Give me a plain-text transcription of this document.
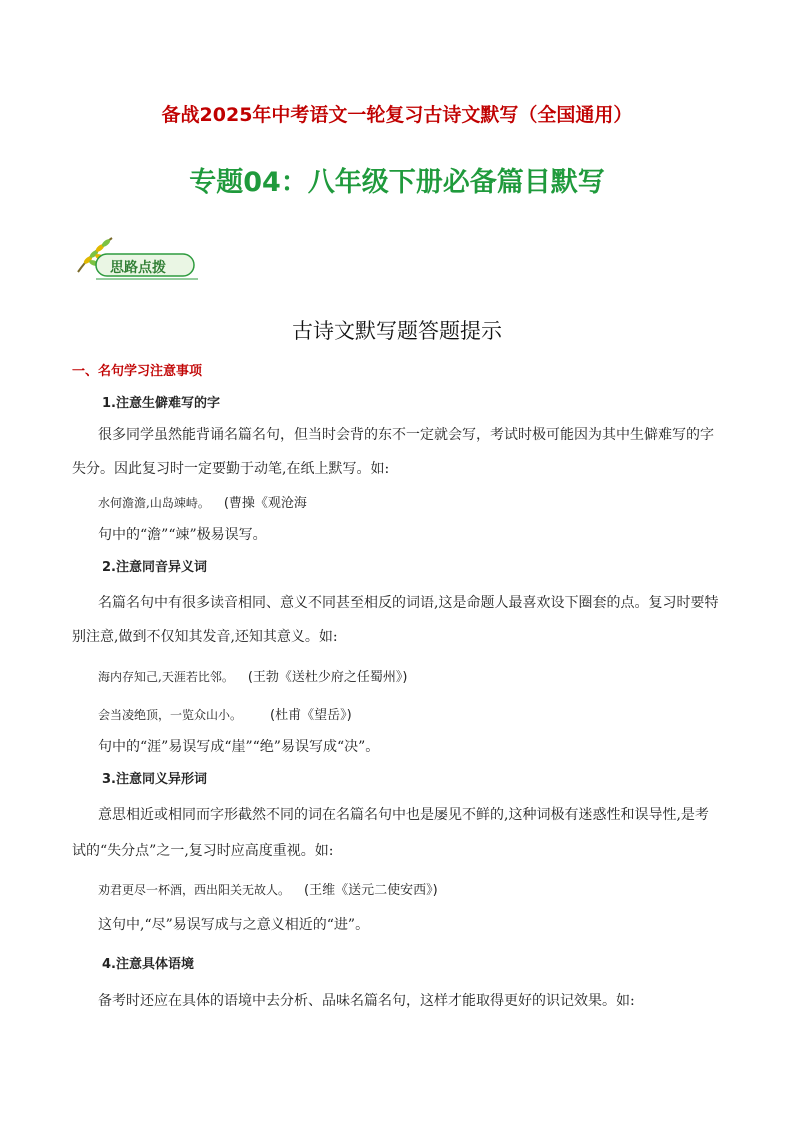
备战2025年中考语文一轮复习古诗文默写（全国通用）
专题04：八年级下册必备篇目默写
思路点拨
古诗文默写题答题提示
一、名句学习注意事项
1.注意生僻难写的字
很多同学虽然能背诵名篇名句，但当时会背的东不一定就会写，考试时极可能因为其中生僻难写的字
失分。因此复习时一定要勤于动笔,在纸上默写。如:
水何澹澹,山岛竦峙。 (曹操《观沧海
句中的“澹”“竦”极易误写。
2.注意同音异义词
名篇名句中有很多读音相同、意义不同甚至相反的词语,这是命题人最喜欢设下圈套的点。复习时要特
别注意,做到不仅知其发音,还知其意义。如:
海内存知己,天涯若比邻。 (王勃《送杜少府之任蜀州》)
会当凌绝顶，一览众山小。 (杜甫《望岳》)
句中的“涯”易误写成“崖”“绝”易误写成“决”。
3.注意同义异形词
意思相近或相同而字形截然不同的词在名篇名句中也是屡见不鲜的,这种词极有迷惑性和误导性,是考
试的“失分点”之一,复习时应高度重视。如:
劝君更尽一杯酒，西出阳关无故人。 (王维《送元二使安西》)
这句中,“尽”易误写成与之意义相近的“进”。
4.注意具体语境
备考时还应在具体的语境中去分析、品味名篇名句，这样才能取得更好的识记效果。如:
